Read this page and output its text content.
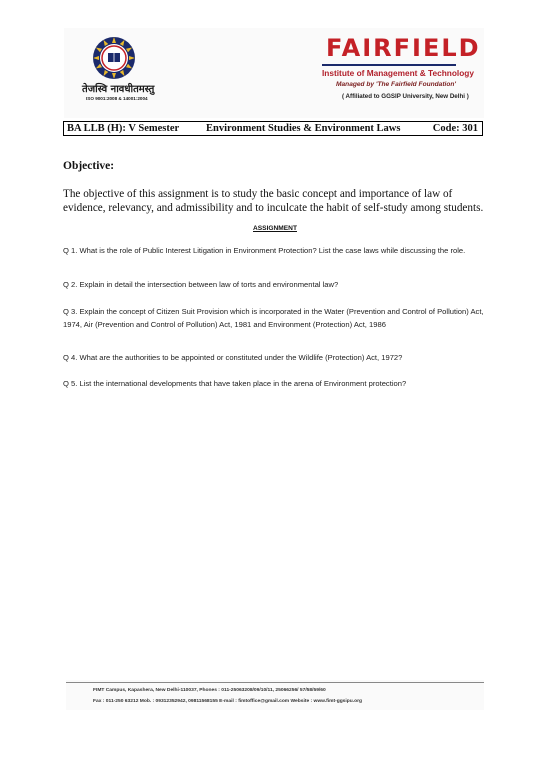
तेजस्वि नावधीतमस्तु
ISO 9001:2008 & 14001:2004
FAIRFIELD
Institute of Management & Technology
Managed by 'The Fairfield Foundation'
( Affiliated to GGSIP University, New Delhi )
BA LLB (H): V Semester	Environment Studies & Environment Laws	Code: 301
Objective:
The objective of this assignment is to study the basic concept and importance of law of evidence, relevancy, and admissibility and to inculcate the habit of self-study among students.
ASSIGNMENT
Q 1. What is the role of Public Interest Litigation in Environment Protection? List the case laws while discussing the role.
Q 2. Explain in detail the intersection between law of torts and environmental law?
Q 3. Explain the concept of Citizen Suit Provision which is incorporated in the Water (Prevention and Control of Pollution) Act, 1974, Air (Prevention and Control of Pollution) Act, 1981 and Environment (Protection) Act, 1986
Q 4. What are the authorities to be appointed or constituted under the Wildlife (Protection) Act, 1972?
Q 5. List the international developments that have taken place in the arena of Environment protection?
FIMT Campus, Kapashera, New Delhi-110037, Phones : 011-25063208/09/10/11, 25066256/ 57/58/59/60
Fax : 011-250 63212 Mob. : 09312352942, 09811568155 E-mail : fimtoffice@gmail.com Website : www.fimt-ggsipu.org
